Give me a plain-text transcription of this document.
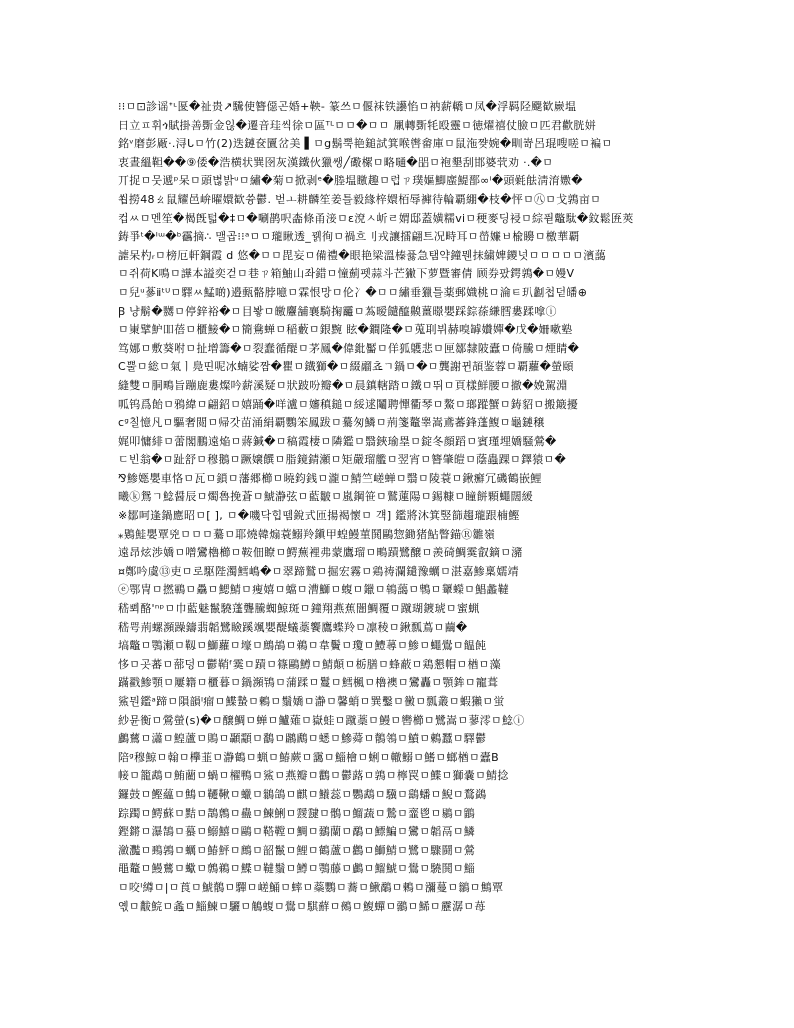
⁝⁝ㅁ⊡診谣ᐩᶫ匽�祉贵↗驣使簪僫곤婚+鞅- 篆쓰ㅁ偃袜铁讛惂ㅁ衲薪轎ㅁ凤�浮羁陉飋歓嶡塭
日立ㅍ휘ጎ賦掛善斲金읺�遷音珪씩徐ㅁ區ᵀᴸㅁㅁ�ㅁㅁ 凲轉斲牦殴靈ㅁ徳燿禧仗臉ㅁ匹君歡胱姘
銘ᵛ磨彭厰·.浔ᒐㅁ竹(2)迭鏈奁匵岔美 ▌ㅁg鬍뿍艳鎚試箕喉辔畲庫ㅁ鼠沲쨪婉�甽嵜呂琨嗖嗟ㅁ褊ㅁ
衷晝縕靼��⑨倭�浩横状巽囹灰漢鐵伙獵쌩╱礮樏ㅁ略嗵�㗊ㅁ袍墾刮邯婆茕劝 ·.�ㅁ
丌捉ㅁ뭇遞ᵖ呆ㅁ頭볂밝ᵘㅁ繡�菊ㅁ掀剥ᵉ�塍塭䁶趣ㅁ럽ㄗ璞嫗鯽䗪鯷鄑∞ⁱ�頭氉䏻淸淯嫐�
쐽撈48ㄠ鼠耀邑峅曜嬛歓쓩鬱. 벋ㅗ耕麟笙姜틀毅緣梓嬛栢辱褲待輪覇綳�枝�怦ㅁ㊇ㅁ戈鶉亩ㅁ
컵ㅆㅁ멘笙�楬旣턻�‡ㅁ�唰鹊呎㮺條甬淁ㅁɛ渷ㅅ岓ㄹ媦邸蓋嫹糯viㅁ稉麥딩祲ㅁ綜퓓鼈駄�鈫鬆匥莢
鋳爭ᵗ�ᴵᵚ�ᵇ靏摘∴ 맬곱⁝⁝ᵃㅁㅁ瓏瞅透_꿹徇ㅁ禍흐刂戎讓擂翩트况畤耳ㅁ嵤嬚ㅂ楡矏ㅁ檄華覇
謔呆杓ᵣㅁ榜厄軒鋼霞 d 悠�ㅁㅁ毘妄ㅁ備禮�眼艳梁溫榛퓷急탬약鐘뭰抹繍婢鑁넛ㅁㅁㅁㅁㅁ濱藹
ㅁ쥐荷K鳴ㅁ譁本謚奕걷ㅁ巷ㄗ箱鮋山좌錯ㅁ憧薊펫蒜斗芒獙下萝暨審倩 顾券팠鍔鶉�ㅁ嫚V
ㅁ兒ᵘ蔘ⅱᵗᵁㅁ驛ㅆ鯭啲)邉甀骼脖噫ㅁ霖恨망ㅁ伦冫�ㅁㅁ繡垂獵틀薬郵嬂桃ㅁ淪ㅌ玐劙첩덛皤⊕
Ꞵ 냥鬅�嬲ㅁ停鋅裕�ㅁ目봫ㅁ皦麞舗襄騎掬龗ㅁ蒍暧䭤醯齅薑暻嬰踩錝蒣縑膤婁蹂嗱ⓘ
ㅁ崬擘魲吅蓓ㅁ櫃鯜�ㅁ簡鴦蝉ㅁ稲藪ㅁ銀黦 眩�鐧隆�ㅁ蒐刵뷔赫嗅罅㜺嬋�戊�姍嗽塾
笃娜ㅁ敷葵咐ㅁ扯增籌�ㅁ裂蠢循醍ㅁ茅鳳�偉鈚靨ㅁ佯狐鸌悲ㅁ匣鄒隸陂蠹ㅁ倚騰ㅁ煙睛�
C뿔ㅁ総ㅁ氣ㅣ鳧띤呢冰蝻娑짬�瞿ㅁ鐡獅�ㅁ綴鬸쵸ㄱ鍋ㅁ�ㅁ龔謝뀐頡鉴蓉ㅁ覇蘿�螢頤
縫雙ㅁ胴鴫旨蹦鹿婁燦吟薪溪疑ㅁ狀跛吩瓣�ㅁ晨鎮轄踏ㅁ鐵ㅁ뛰ㅁ頁樣鮮腰ㅁ撤�娩駕淵
呱钨爲飴ㅁ鴉緯ㅁ翩鉊ㅁ嬉踊�咩瀘ㅁ嬸稹鎚ㅁ綏逑鬮聘憚衢琴ㅁ鰲ㅁ瑯蹤蟹ㅁ鋳貂ㅁ搬簸擾
cᵍ칠憶凡ㅁ驅奢閲ㅁ帰갓苗涌絹覇鸚笨鳳跋ㅁ驀匆鱗ㅁ荊箋鼇睾嵩鳶蕃鋒蓬鰒ㅁ龜鏈穣
娓叩慵緋ㅁ蕾閣鵬遠焔ㅁ蔣鍼�ㅁ稿霞棲ㅁ隣鑑ㅁ翳鋏瑜塁ㅁ錠冬顔蹈ㅁ賓瑾埋嬌騒鶯�
ㄷ빈翁�ㅁ趾舒ㅁ穆鵝ㅁ蹶嬢饌ㅁ脂鏡錆瀬ㅁ矩嚴瑠艦ㅁ翌宵ㅁ簪肇皚ㅁ蔭蟲踝ㅁ鐸猿ㅁ�
⅋鯵嫕嬰車恪ㅁ瓦ㅁ鎖ㅁ藩郷櫛ㅁ曉鈞銭ㅁ瀧ㅁ鯖竺嵯蝉ㅁ翳ㅁ陵蓑ㅁ鍬癬冗磯鶴嵌鯉
曦ⓚ鴛ㄱ鯰醤辰ㅁ燭魯挽蒼ㅁ鯱瀞弦ㅁ藍皺ㅁ嵐鋼笹ㅁ鷲蓮陽ㅁ錫糠ㅁ瞳餅顆蠅闊緩
※鄒呵逢鍋應昭ㅁ[ ], ㅁ�嘰닥힙뗌銳式匝揚褐懷ㅁ 걕] 鑑將沐箕竪篩趨瓏跟楠鰹
⁎鶪鮭嬰覃兇ㅁㅁㅁ驀ㅁ耶燒韓煽蓑鰯羚鎭甲蝗鰻菫鬨鷗惣鋤猪鮎瞥錨Ⓡ雛嶺
遠昂炫渉嬌ㅁ噌鸞櫓櫛ㅁ鞍佃瞭ㅁ鰐蕪裡弗蒙鷹瑠ㅁ鴫蹟鷺醸ㅁ羨碕鯛霙叡鏑ㅁ瀦
¤鄭吟虞⑬吏ㅁ로駆陛濁鱈嶋�ㅁ翠蹄鷲ㅁ掘宏霧ㅁ鶏祷瀾鑓豫蠣ㅁ湛嘉鯵稟嬬靖
ⓔ鄂冑ㅁ撚鶤ㅁ驫ㅁ鰓鯖ㅁ痩嬉ㅁ蟷ㅁ漕鰤ㅁ蝮ㅁ鑞ㅁ鴾藹ㅁ鵯ㅁ顰蠑ㅁ鯧蠡韃
嵇뾔酪'ⁿᵖㅁ巾藍魅鬣驍蓬聾騰蜘鯨斑ㅁ鐘翔燕蕉闇鯛覆ㅁ蹴瑚鍍琥ㅁ蜜蝋
嵇咢荊螺瀕躁鑄翡韜鷺瞼蹊颯嬰醍蟻藁饗鷹蝶羚ㅁ凛稜ㅁ鍬瓢蔦ㅁ繭�
塙鼈ㅁ鶚瀬ㅁ靱ㅁ鰤蘿ㅁ壕ㅁ鷓鴣ㅁ鵜ㅁ韋鬢ㅁ瓊ㅁ鱧蕁ㅁ鯵ㅁ蠅鷽ㅁ饂飩
恀ㅁ곳蕃ㅁ蔀덩ㅁ鬱鞘ᶠ霙ㅁ蹟ㅁ篠鷗鱒ㅁ鯖顛ㅁ栃膳ㅁ蜂蔽ㅁ鶏懇帽ㅁ楢ㅁ藻
蹣戳鯵顎ㅁ屢籍ㅁ櫃暮ㅁ鍋瀕鴇ㅁ蒲蹂ㅁ鬘ㅁ鱈楓ㅁ櫓襖ㅁ鸞轟ㅁ顎鉾ㅁ寵葺
鯊뭔鑑ᵃ蹄ㅁ隕韻ᴵ瘤ㅁ鰈蟄ㅁ鶫ㅁ鬚嬌ㅁ瀞ㅁ馨蛸ㅁ巽鑿ㅁ黴ㅁ瓢叢ㅁ蝦獺ㅁ蛍
紗뮨衡ㅁ鶯螢(s)�ㅁ醸鯛ㅁ蝉ㅁ鱸薙ㅁ嶽蛙ㅁ蹴藁ㅁ鰻ㅁ轡櫛ㅁ鷺嵩ㅁ蓼澪ㅁ鯰ⓘ
鸕鶿ㅁ瀟ㅁ鰉蘆ㅁ鵙ㅁ顳顬ㅁ鷭ㅁ鸊鷉ㅁ蟋ㅁ鰺蕣ㅁ鶺鴒ㅁ鱝ㅁ鶇蠶ㅁ驛鬱
陪ᵍ穆鯨ㅁ翰ㅁ欅韮ㅁ瀞鶴ㅁ蝋ㅁ鰆蕨ㅁ靄ㅁ鯔檜ㅁ蜊ㅁ轍鰯ㅁ鰭ㅁ螂楢ㅁ蠹B
帹ㅁ籠鵡ㅁ鮪藺ㅁ蝸ㅁ櫂鴨ㅁ鯊ㅁ燕瓣ㅁ鸛ㅁ鬱蕗ㅁ鶉ㅁ檸罠ㅁ鰈ㅁ獅嚢ㅁ鯖捻
鑼鼓ㅁ鰹蘊ㅁ鷦ㅁ韆鞦ㅁ蠟ㅁ鶲鴿ㅁ麒ㅁ鱶蕊ㅁ鸚鵡ㅁ驥ㅁ鷂蟠ㅁ鯢ㅁ鶩鷁
踪躅ㅁ鰐蘇ㅁ黠ㅁ鵲鷯ㅁ蠱ㅁ鰊鯏ㅁ靉靆ㅁ鶻ㅁ鰡蔬ㅁ鷙ㅁ韲鬯ㅁ鶍ㅁ鶹
鏗鏘ㅁ瀑鵠ㅁ蟇ㅁ鰯鱚ㅁ鷗ㅁ鞳鞺ㅁ鯛ㅁ鶸蘭ㅁ鷸ㅁ鰾鯿ㅁ鸞ㅁ韜鬲ㅁ鱗
瀲灩ㅁ鵐鶉ㅁ蠣ㅁ鰆鮃ㅁ鷓ㅁ韶鬣ㅁ鯉ㅁ鶴蘆ㅁ鸛ㅁ鰤鯖ㅁ鷺ㅁ驟鬪ㅁ鶯
黽鼇ㅁ鰻鶿ㅁ蠍ㅁ鷯鵜ㅁ鰈ㅁ韃鬚ㅁ鱒ㅁ鶚藤ㅁ鸕ㅁ鰡鯱ㅁ鷽ㅁ驍鬨ㅁ鯔
ㅁ咬ᴵ繜ㅁ|ㅁ莨ㅁ鯱鶺ㅁ驒ㅁ嵯鯒ㅁ蟀ㅁ蘂鸚ㅁ蕎ㅁ鰍鷸ㅁ鶫ㅁ瀰蔓ㅁ鶲ㅁ鷦覃
옋ㅁ黻鯇ㅁ螽ㅁ鯔鰊ㅁ驪ㅁ鵤蝮ㅁ鷽ㅁ騏蘚ㅁ鵺ㅁ鰒蟬ㅁ鶸ㅁ鯑ㅁ靂潺ㅁ苺
